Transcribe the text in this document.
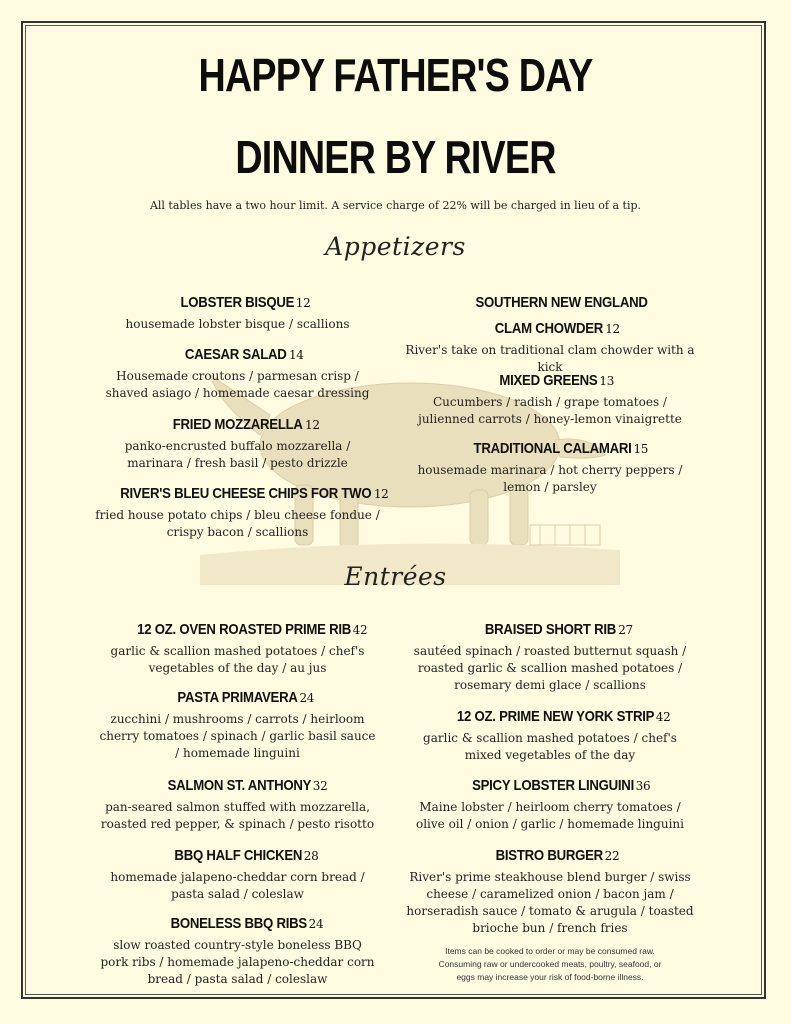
HAPPY FATHER'S DAY
DINNER BY RIVER
All tables have a two hour limit. A service charge of 22% will be charged in lieu of a tip.
Appetizers
Entrées
LOBSTER BISQUE 12
housemade lobster bisque / scallions
CAESAR SALAD 14
Housemade croutons / parmesan crisp / shaved asiago / homemade caesar dressing
FRIED MOZZARELLA 12
panko-encrusted buffalo mozzarella / marinara / fresh basil / pesto drizzle
RIVER'S BLEU CHEESE CHIPS FOR TWO 12
fried house potato chips / bleu cheese fondue / crispy bacon / scallions
SOUTHERN NEW ENGLAND
CLAM CHOWDER 12
River's take on traditional clam chowder with a kick
MIXED GREENS 13
Cucumbers / radish / grape tomatoes / julienned carrots / honey-lemon vinaigrette
TRADITIONAL CALAMARI 15
housemade marinara / hot cherry peppers / lemon / parsley
12 OZ. OVEN ROASTED PRIME RIB 42
garlic & scallion mashed potatoes / chef's vegetables of the day / au jus
PASTA PRIMAVERA 24
zucchini / mushrooms / carrots / heirloom cherry tomatoes / spinach / garlic basil sauce / homemade linguini
SALMON ST. ANTHONY 32
pan-seared salmon stuffed with mozzarella, roasted red pepper, & spinach / pesto risotto
BBQ HALF CHICKEN 28
homemade jalapeno-cheddar corn bread / pasta salad / coleslaw
BONELESS BBQ RIBS 24
slow roasted country-style boneless BBQ pork ribs / homemade jalapeno-cheddar corn bread / pasta salad / coleslaw
BRAISED SHORT RIB 27
sautéed spinach / roasted butternut squash / roasted garlic & scallion mashed potatoes / rosemary demi glace / scallions
12 OZ. PRIME NEW YORK STRIP 42
garlic & scallion mashed potatoes / chef's mixed vegetables of the day
SPICY LOBSTER LINGUINI 36
Maine lobster / heirloom cherry tomatoes / olive oil / onion / garlic / homemade linguini
BISTRO BURGER 22
River's prime steakhouse blend burger / swiss cheese / caramelized onion / bacon jam / horseradish sauce / tomato & arugula / toasted brioche bun / french fries
Items can be cooked to order or may be consumed raw. Consuming raw or undercooked meats, poultry, seafood, or eggs may increase your risk of food-borne illness.
